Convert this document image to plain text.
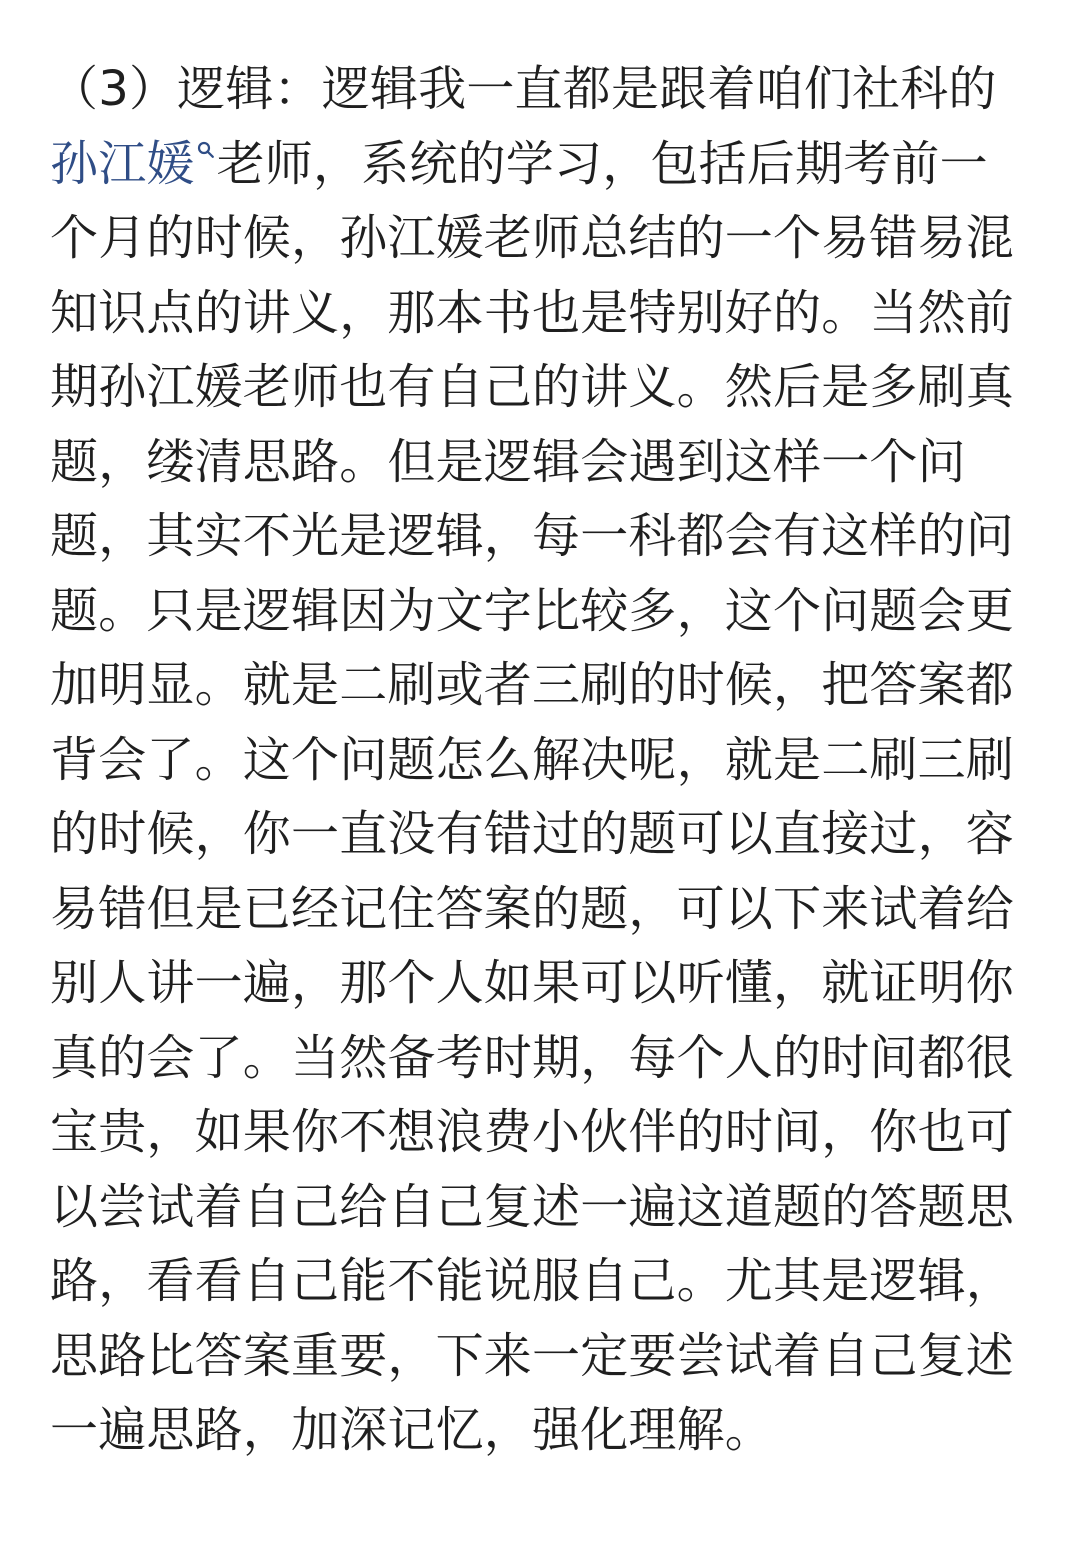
（3）逻辑：逻辑我一直都是跟着咱们社科的孙江媛 老师，系统的学习，包括后期考前一个月的时候，孙江媛老师总结的一个易错易混知识点的讲义，那本书也是特别好的。当然前期孙江媛老师也有自己的讲义。然后是多刷真题，缕清思路。但是逻辑会遇到这样一个问题，其实不光是逻辑，每一科都会有这样的问题。只是逻辑因为文字比较多，这个问题会更加明显。就是二刷或者三刷的时候，把答案都背会了。这个问题怎么解决呢，就是二刷三刷的时候，你一直没有错过的题可以直接过，容易错但是已经记住答案的题，可以下来试着给别人讲一遍，那个人如果可以听懂，就证明你真的会了。当然备考时期，每个人的时间都很宝贵，如果你不想浪费小伙伴的时间，你也可以尝试着自己给自己复述一遍这道题的答题思路，看看自己能不能说服自己。尤其是逻辑，思路比答案重要，下来一定要尝试着自己复述一遍思路，加深记忆，强化理解。
